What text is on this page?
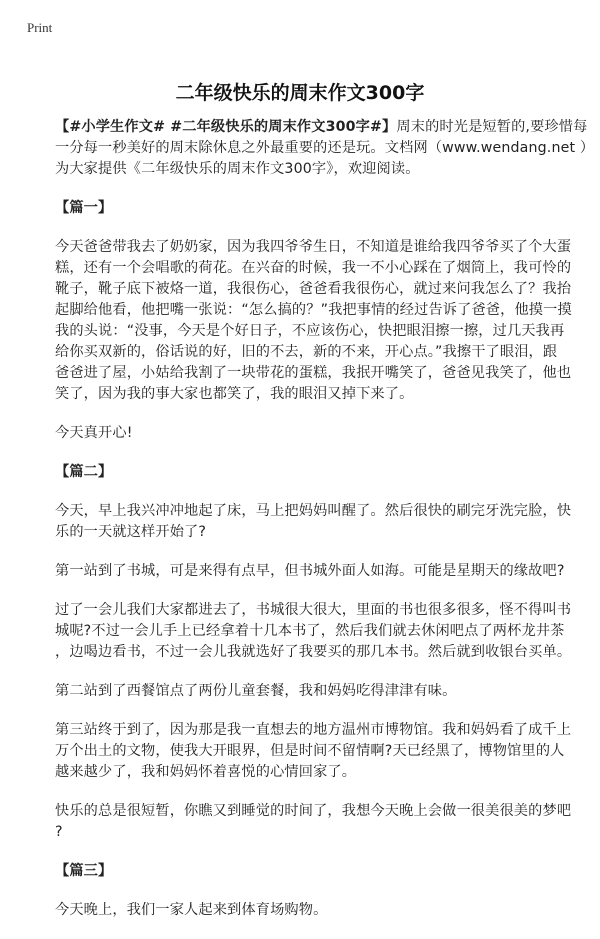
Print
二年级快乐的周末作文300字
【#小学生作文# #二年级快乐的周末作文300字#】周末的时光是短暂的,要珍惜每
一分每一秒美好的周末除休息之外最重要的还是玩。文档网（www.wendang.net ）
为大家提供《二年级快乐的周末作文300字》，欢迎阅读。
【篇一】
今天爸爸带我去了奶奶家，因为我四爷爷生日，不知道是谁给我四爷爷买了个大蛋
糕，还有一个会唱歌的荷花。在兴奋的时候，我一不小心踩在了烟筒上，我可怜的
靴子，靴子底下被烙一道，我很伤心，爸爸看我很伤心，就过来问我怎么了？我抬
起脚给他看，他把嘴一张说：“怎么搞的？”我把事情的经过告诉了爸爸，他摸一摸
我的头说：“没事，今天是个好日子，不应该伤心，快把眼泪擦一擦，过几天我再
给你买双新的，俗话说的好，旧的不去，新的不来，开心点。”我擦干了眼泪，跟
爸爸进了屋，小姑给我割了一块带花的蛋糕，我抿开嘴笑了，爸爸见我笑了，他也
笑了，因为我的事大家也都笑了，我的眼泪又掉下来了。
今天真开心!
【篇二】
今天，早上我兴冲冲地起了床，马上把妈妈叫醒了。然后很快的刷完牙洗完脸，快
乐的一天就这样开始了?
第一站到了书城，可是来得有点早，但书城外面人如海。可能是星期天的缘故吧?
过了一会儿我们大家都进去了，书城很大很大，里面的书也很多很多，怪不得叫书
城呢?不过一会儿手上已经拿着十几本书了，然后我们就去休闲吧点了两杯龙井茶
，边喝边看书，不过一会儿我就选好了我要买的那几本书。然后就到收银台买单。
第二站到了西餐馆点了两份儿童套餐，我和妈妈吃得津津有味。
第三站终于到了，因为那是我一直想去的地方温州市博物馆。我和妈妈看了成千上
万个出土的文物，使我大开眼界，但是时间不留情啊?天已经黑了，博物馆里的人
越来越少了，我和妈妈怀着喜悦的心情回家了。
快乐的总是很短暂，你瞧又到睡觉的时间了，我想今天晚上会做一很美很美的梦吧
?
【篇三】
今天晚上，我们一家人起来到体育场购物。
